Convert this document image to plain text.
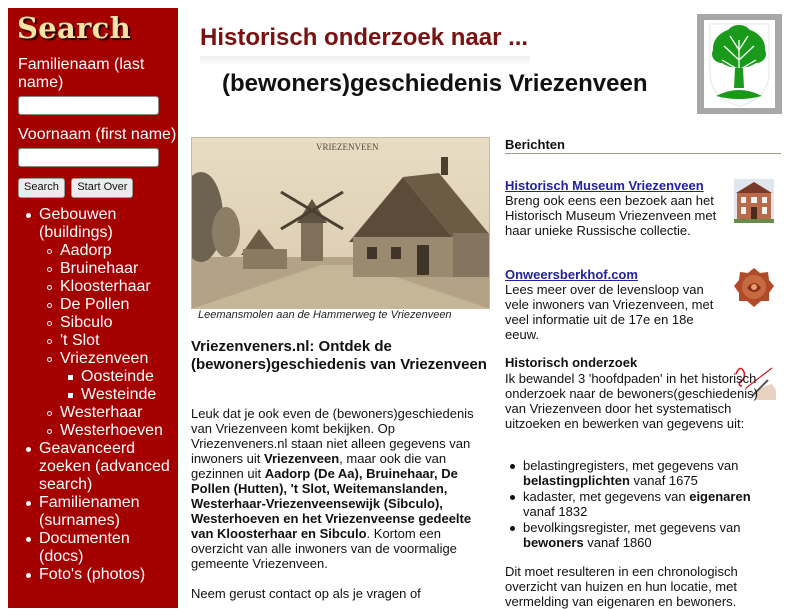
Search
Familienaam (last name)
Voornaam (first name)
Search Start Over
Gebouwen (buildings)
Aadorp
Bruinehaar
Kloosterhaar
De Pollen
Sibculo
't Slot
Vriezenveen
Oosteinde
Westeinde
Westerhaar
Westerhoeven
Geavanceerd zoeken (advanced search)
Familienamen (surnames)
Documenten (docs)
Foto's (photos)
Historisch onderzoek naar ...
(bewoners)geschiedenis Vriezenveen
VRIEZENVEEN

Leemansmolen aan de Hammerweg te Vriezenveen

Vriezenveners.nl: Ontdek de (bewoners)geschiedenis van Vriezenveen

Leuk dat je ook even de (bewoners)geschiedenis van Vriezenveen komt bekijken. Op Vriezenveners.nl staan niet alleen gegevens van inwoners uit Vriezenveen, maar ook die van gezinnen uit Aadorp (De Aa), Bruinehaar, De Pollen (Hutten), 't Slot, Weitemanslanden, Westerhaar-Vriezenveensewijk (Sibculo), Westerhoeven en het Vriezenveense gedeelte van Kloosterhaar en Sibculo. Kortom een overzicht van alle inwoners van de voormalige gemeente Vriezenveen.

Neem gerust contact op als je vragen of

Berichten
Historisch Museum Vriezenveen

Breng ook eens een bezoek aan het Historisch Museum Vriezenveen met haar unieke Russische collectie.

Onweersberkhof.com

Lees meer over de levensloop van vele inwoners van Vriezenveen, met veel informatie uit de 17e en 18e eeuw.

Historisch onderzoek

Ik bewandel 3 'hoofdpaden' in het historisch onderzoek naar de bewoners(geschiedenis) van Vriezenveen door het systematisch uitzoeken en bewerken van gegevens uit:

belastingregisters, met gegevens van belastingplichten vanaf 1675
kadaster, met gegevens van eigenaren vanaf 1832
bevolkingsregister, met gegevens van bewoners vanaf 1860

Dit moet resulteren in een chronologisch overzicht van huizen en hun locatie, met vermelding van eigenaren en bewoners.
